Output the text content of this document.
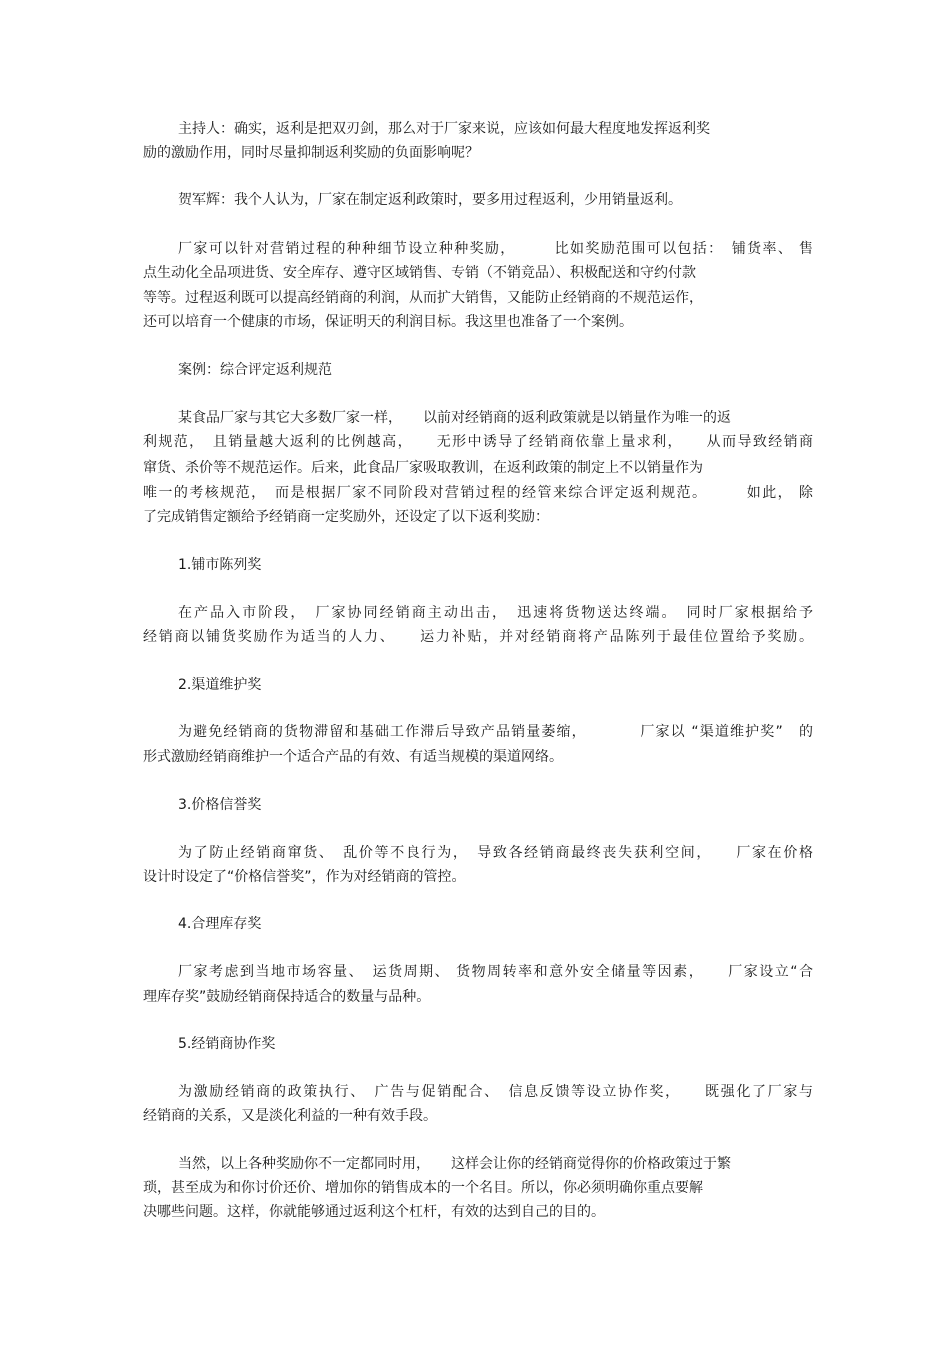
主持人：确实，返利是把双刃剑，那么对于厂家来说，应该如何最大程度地发挥返利奖
励的激励作用，同时尽量抑制返利奖励的负面影响呢？
贺军辉：我个人认为，厂家在制定返利政策时，要多用过程返利，少用销量返利。
厂家可以针对营销过程的种种细节设立种种奖励，　　　比如奖励范围可以包括：　铺货率、 售
点生动化全品项进货、安全库存、遵守区域销售、专销（不销竞品）、积极配送和守约付款
等等。过程返利既可以提高经销商的利润，从而扩大销售，又能防止经销商的不规范运作，
还可以培育一个健康的市场，保证明天的利润目标。我这里也准备了一个案例。
案例：综合评定返利规范
某食品厂家与其它大多数厂家一样，　　以前对经销商的返利政策就是以销量作为唯一的返
利规范，　且销量越大返利的比例越高，　　无形中诱导了经销商依靠上量求利，　　从而导致经销商
窜货、杀价等不规范运作。后来，此食品厂家吸取教训，在返利政策的制定上不以销量作为
唯一的考核规范，　而是根据厂家不同阶段对营销过程的经管来综合评定返利规范。　　　如此， 除
了完成销售定额给予经销商一定奖励外，还设定了以下返利奖励：
1.铺市陈列奖
在产品入市阶段，　厂家协同经销商主动出击，　迅速将货物送达终端。　同时厂家根据给予
经销商以铺货奖励作为适当的人力、　　运力补贴，并对经销商将产品陈列于最佳位置给予奖励。
2.渠道维护奖
为避免经销商的货物滞留和基础工作滞后导致产品销量萎缩，　　　　厂家以 “渠道维护奖”　的
形式激励经销商维护一个适合产品的有效、有适当规模的渠道网络。
3.价格信誉奖
为了防止经销商窜货、　乱价等不良行为，　导致各经销商最终丧失获利空间，　　厂家在价格
设计时设定了“价格信誉奖”，作为对经销商的管控。
4.合理库存奖
厂家考虑到当地市场容量、　运货周期、 货物周转率和意外安全储量等因素，　　厂家设立“合
理库存奖”鼓励经销商保持适合的数量与品种。
5.经销商协作奖
为激励经销商的政策执行、　广告与促销配合、　信息反馈等设立协作奖，　　既强化了厂家与
经销商的关系，又是淡化利益的一种有效手段。
当然，以上各种奖励你不一定都同时用，　　这样会让你的经销商觉得你的价格政策过于繁
琐，甚至成为和你讨价还价、增加你的销售成本的一个名目。所以，你必须明确你重点要解
决哪些问题。这样，你就能够通过返利这个杠杆，有效的达到自己的目的。
